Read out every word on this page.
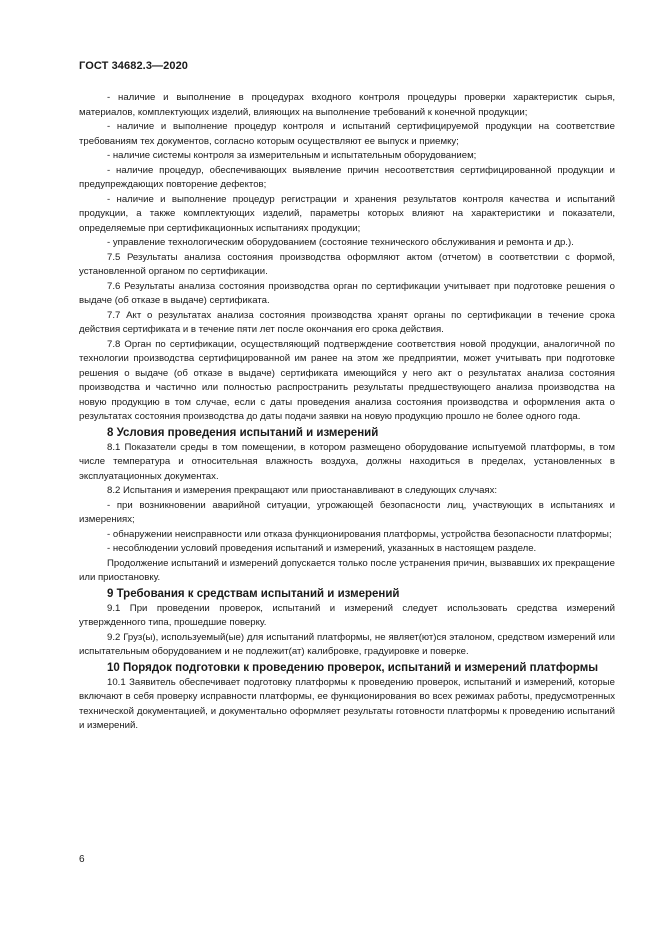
ГОСТ 34682.3—2020

- наличие и выполнение в процедурах входного контроля процедуры проверки характеристик сырья, материалов, комплектующих изделий, влияющих на выполнение требований к конечной продукции;

- наличие и выполнение процедур контроля и испытаний сертифицируемой продукции на соответствие требованиям тех документов, согласно которым осуществляют ее выпуск и приемку;

- наличие системы контроля за измерительным и испытательным оборудованием;

- наличие процедур, обеспечивающих выявление причин несоответствия сертифицированной продукции и предупреждающих повторение дефектов;

- наличие и выполнение процедур регистрации и хранения результатов контроля качества и испытаний продукции, а также комплектующих изделий, параметры которых влияют на характеристики и показатели, определяемые при сертификационных испытаниях продукции;

- управление технологическим оборудованием (состояние технического обслуживания и ремонта и др.).

7.5 Результаты анализа состояния производства оформляют актом (отчетом) в соответствии с формой, установленной органом по сертификации.

7.6 Результаты анализа состояния производства орган по сертификации учитывает при подготовке решения о выдаче (об отказе в выдаче) сертификата.

7.7 Акт о результатах анализа состояния производства хранят органы по сертификации в течение срока действия сертификата и в течение пяти лет после окончания его срока действия.

7.8 Орган по сертификации, осуществляющий подтверждение соответствия новой продукции, аналогичной по технологии производства сертифицированной им ранее на этом же предприятии, может учитывать при подготовке решения о выдаче (об отказе в выдаче) сертификата имеющийся у него акт о результатах анализа состояния производства и частично или полностью распространить результаты предшествующего анализа производства на новую продукцию в том случае, если с даты проведения анализа состояния производства и оформления акта о результатах состояния производства до даты подачи заявки на новую продукцию прошло не более одного года.

8 Условия проведения испытаний и измерений

8.1 Показатели среды в том помещении, в котором размещено оборудование испытуемой платформы, в том числе температура и относительная влажность воздуха, должны находиться в пределах, установленных в эксплуатационных документах.

8.2 Испытания и измерения прекращают или приостанавливают в следующих случаях:

- при возникновении аварийной ситуации, угрожающей безопасности лиц, участвующих в испытаниях и измерениях;

- обнаружении неисправности или отказа функционирования платформы, устройства безопасности платформы;

- несоблюдении условий проведения испытаний и измерений, указанных в настоящем разделе.

Продолжение испытаний и измерений допускается только после устранения причин, вызвавших их прекращение или приостановку.

9 Требования к средствам испытаний и измерений

9.1 При проведении проверок, испытаний и измерений следует использовать средства измерений утвержденного типа, прошедшие поверку.

9.2 Груз(ы), используемый(ые) для испытаний платформы, не являет(ют)ся эталоном, средством измерений или испытательным оборудованием и не подлежит(ат) калибровке, градуировке и поверке.

10 Порядок подготовки к проведению проверок, испытаний и измерений платформы

10.1 Заявитель обеспечивает подготовку платформы к проведению проверок, испытаний и измерений, которые включают в себя проверку исправности платформы, ее функционирования во всех режимах работы, предусмотренных технической документацией, и документально оформляет результаты готовности платформы к проведению испытаний и измерений.

6
